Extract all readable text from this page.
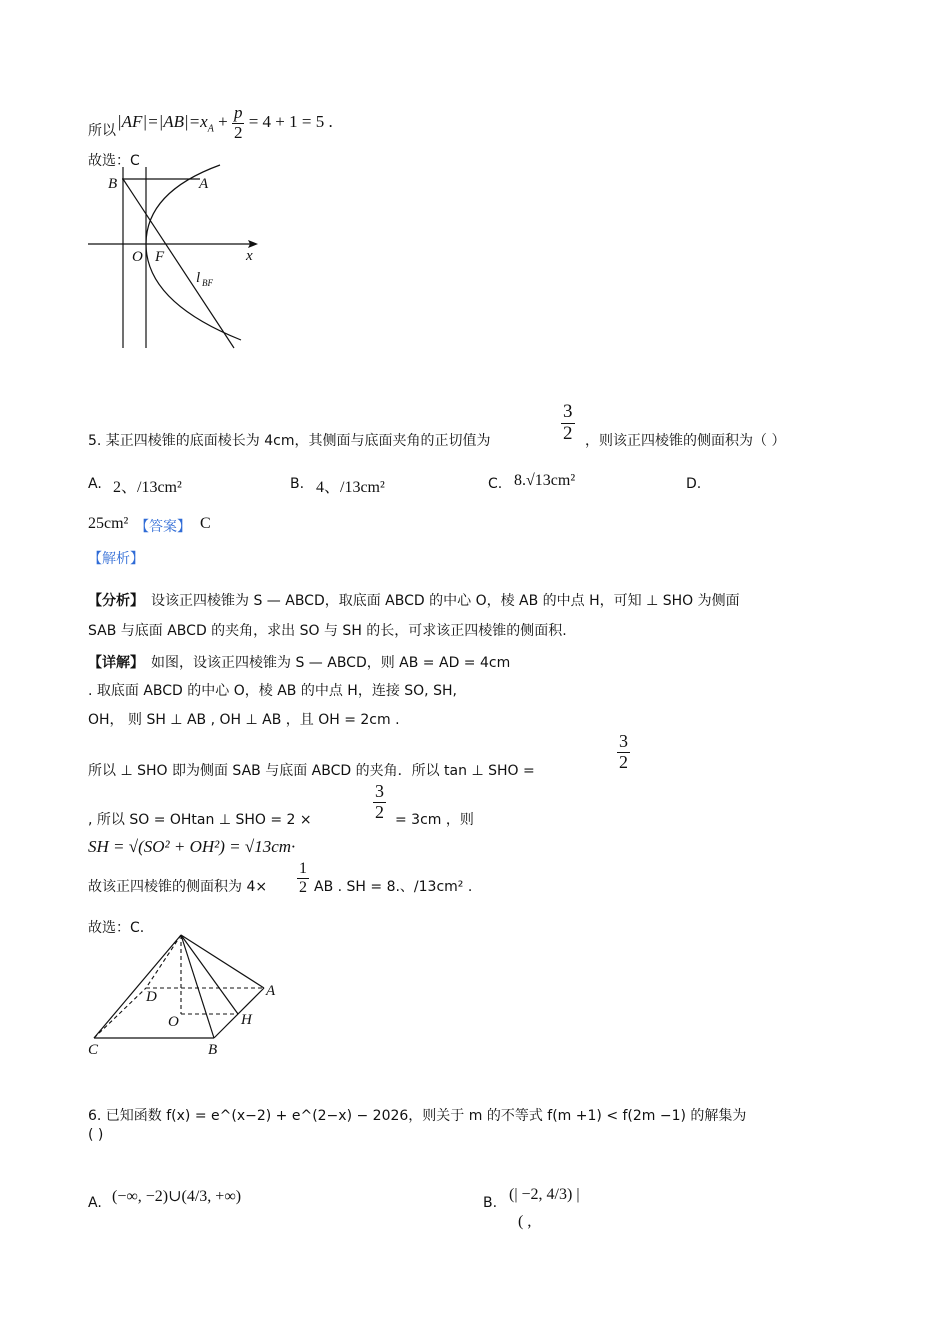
所以 $|AF|=|AB|=x_A + \frac{p}{2} = 4 + 1 = 5$ .
故选：C
B	A
O F	x
l BF
5. 某正四棱锥的底面棱长为 4cm，其侧面与底面夹角的正切值为	$\frac{3}{2}$ ，则该正四棱锥的侧面积为（ ）
A. 2、/13cm²	B. 4、/13cm²	C. 8.√13cm²	D.
25cm² 【答案】 C
【解析】
【分析】 设该正四棱锥为 S — ABCD，取底面 ABCD 的中心 O，棱 AB 的中点 H，可知 ⊥ SHO 为侧面
SAB 与底面 ABCD 的夹角，求出 SO 与 SH 的长，可求该正四棱锥的侧面积.
【详解】 如图，设该正四棱锥为 S — ABCD，则 AB = AD = 4cm
. 取底面 ABCD 的中心 O，棱 AB 的中点 H，连接 SO, SH,
OH， 则 SH ⊥ AB , OH ⊥ AB ，且 OH = 2cm .
所以 ⊥ SHO 即为侧面 SAB 与底面 ABCD 的夹角．所以 tan ⊥ SHO =	$\frac{3}{2}$
, 所以 SO = OHtan ⊥ SHO = 2 ×	$\frac{3}{2} = 3cm$ ，则
SH = √(SO² + OH²) = √13cm·
故该正四棱锥的侧面积为 $4\times \frac{1}{2}$ AB . SH = 8.、/13cm² .
故选：C.
D	A
O	H
C	B
6. 已知函数 f(x) = e^(x−2) + e^(2−x) − 2026，则关于 m 的不等式 f(m +1) < f(2m −1) 的解集为
( )
A. (−∞, −2)∪(4/3, +∞)	B. (| −2, 4/3) |
( ,
